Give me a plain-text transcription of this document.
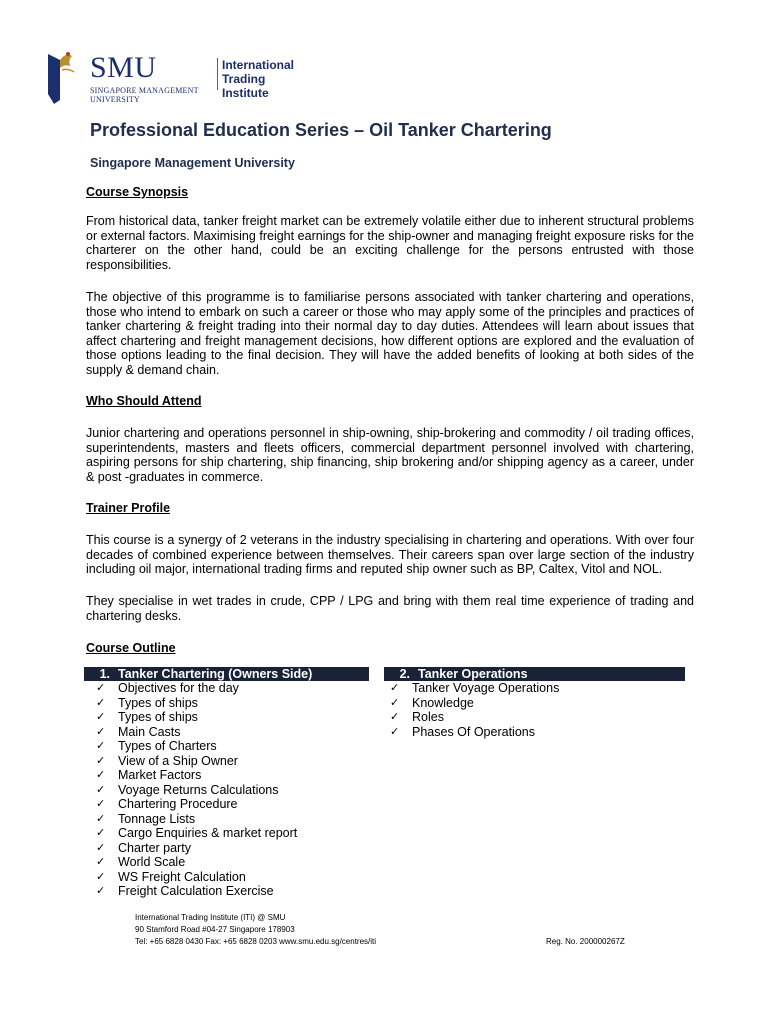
SMU
SINGAPORE MANAGEMENT
UNIVERSITY
International
Trading Institute
Professional Education Series – Oil Tanker Chartering
Singapore Management University
Course Synopsis
From historical data, tanker freight market can be extremely volatile either due to inherent structural problems or external factors. Maximising freight earnings for the ship-owner and managing freight exposure risks for the charterer on the other hand, could be an exciting challenge for the persons entrusted with those responsibilities.
The objective of this programme is to familiarise persons associated with tanker chartering and operations, those who intend to embark on such a career or those who may apply some of the principles and practices of tanker chartering & freight trading into their normal day to day duties. Attendees will learn about issues that affect chartering and freight management decisions, how different options are explored and the evaluation of those options leading to the final decision. They will have the added benefits of looking at both sides of the supply & demand chain.
Who Should Attend
Junior chartering and operations personnel in ship-owning, ship-brokering and commodity / oil trading offices, superintendents, masters and fleets officers, commercial department personnel involved with chartering, aspiring persons for ship chartering, ship financing, ship brokering and/or shipping agency as a career, under & post -graduates in commerce.
Trainer Profile
This course is a synergy of 2 veterans in the industry specialising in chartering and operations. With over four decades of combined experience between themselves. Their careers span over large section of the industry including oil major, international trading firms and reputed ship owner such as BP, Caltex, Vitol and NOL.
They specialise in wet trades in crude, CPP / LPG and bring with them real time experience of trading and chartering desks.
Course Outline
1. Tanker Chartering (Owners Side)
✓ Objectives for the day
✓ Types of ships
✓ Types of ships
✓ Main Casts
✓ Types of Charters
✓ View of a Ship Owner
✓ Market Factors
✓ Voyage Returns Calculations
✓ Chartering Procedure
✓ Tonnage Lists
✓ Cargo Enquiries & market report
✓ Charter party
✓ World Scale
✓ WS Freight Calculation
✓ Freight Calculation Exercise
2. Tanker Operations
✓ Tanker Voyage Operations
✓ Knowledge
✓ Roles
✓ Phases Of Operations
International Trading Institute (ITI) @ SMU
90 Stamford Road #04-27 Singapore 178903
Tel: +65 6828 0430 Fax: +65 6828 0203 www.smu.edu.sg/centres/iti	Reg. No. 200000267Z
